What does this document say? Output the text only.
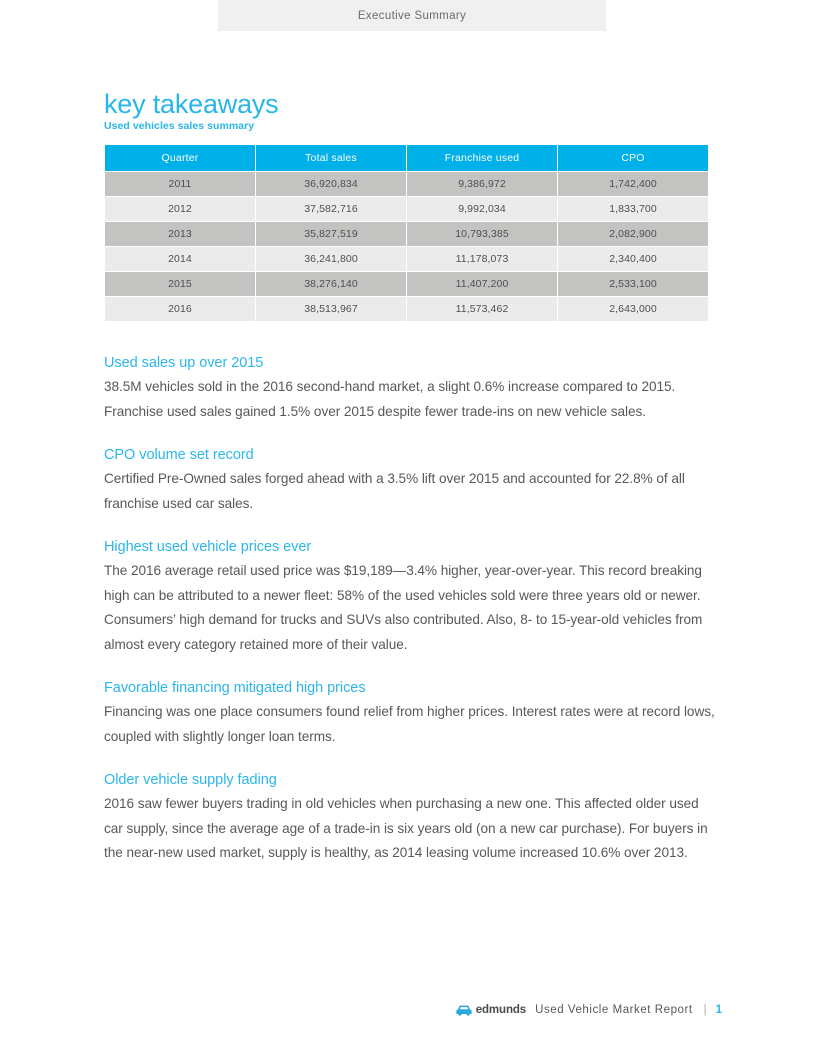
Executive Summary
key takeaways
Used vehicles sales summary
Quarter	Total sales	Franchise used	CPO
2011	36,920,834	9,386,972	1,742,400
2012	37,582,716	9,992,034	1,833,700
2013	35,827,519	10,793,385	2,082,900
2014	36,241,800	11,178,073	2,340,400
2015	38,276,140	11,407,200	2,533,100
2016	38,513,967	11,573,462	2,643,000
Used sales up over 2015

38.5M vehicles sold in the 2016 second-hand market, a slight 0.6% increase compared to 2015. Franchise used sales gained 1.5% over 2015 despite fewer trade-ins on new vehicle sales.

CPO volume set record

Certified Pre-Owned sales forged ahead with a 3.5% lift over 2015 and accounted for 22.8% of all franchise used car sales.

Highest used vehicle prices ever

The 2016 average retail used price was $19,189—3.4% higher, year-over-year. This record breaking high can be attributed to a newer fleet: 58% of the used vehicles sold were three years old or newer. Consumers’ high demand for trucks and SUVs also contributed. Also, 8- to 15-year-old vehicles from almost every category retained more of their value.

Favorable financing mitigated high prices

Financing was one place consumers found relief from higher prices. Interest rates were at record lows, coupled with slightly longer loan terms.

Older vehicle supply fading

2016 saw fewer buyers trading in old vehicles when purchasing a new one. This affected older used car supply, since the average age of a trade-in is six years old (on a new car purchase). For buyers in the near-new used market, supply is healthy, as 2014 leasing volume increased 10.6% over 2013.

edmunds Used Vehicle Market Report | 1
